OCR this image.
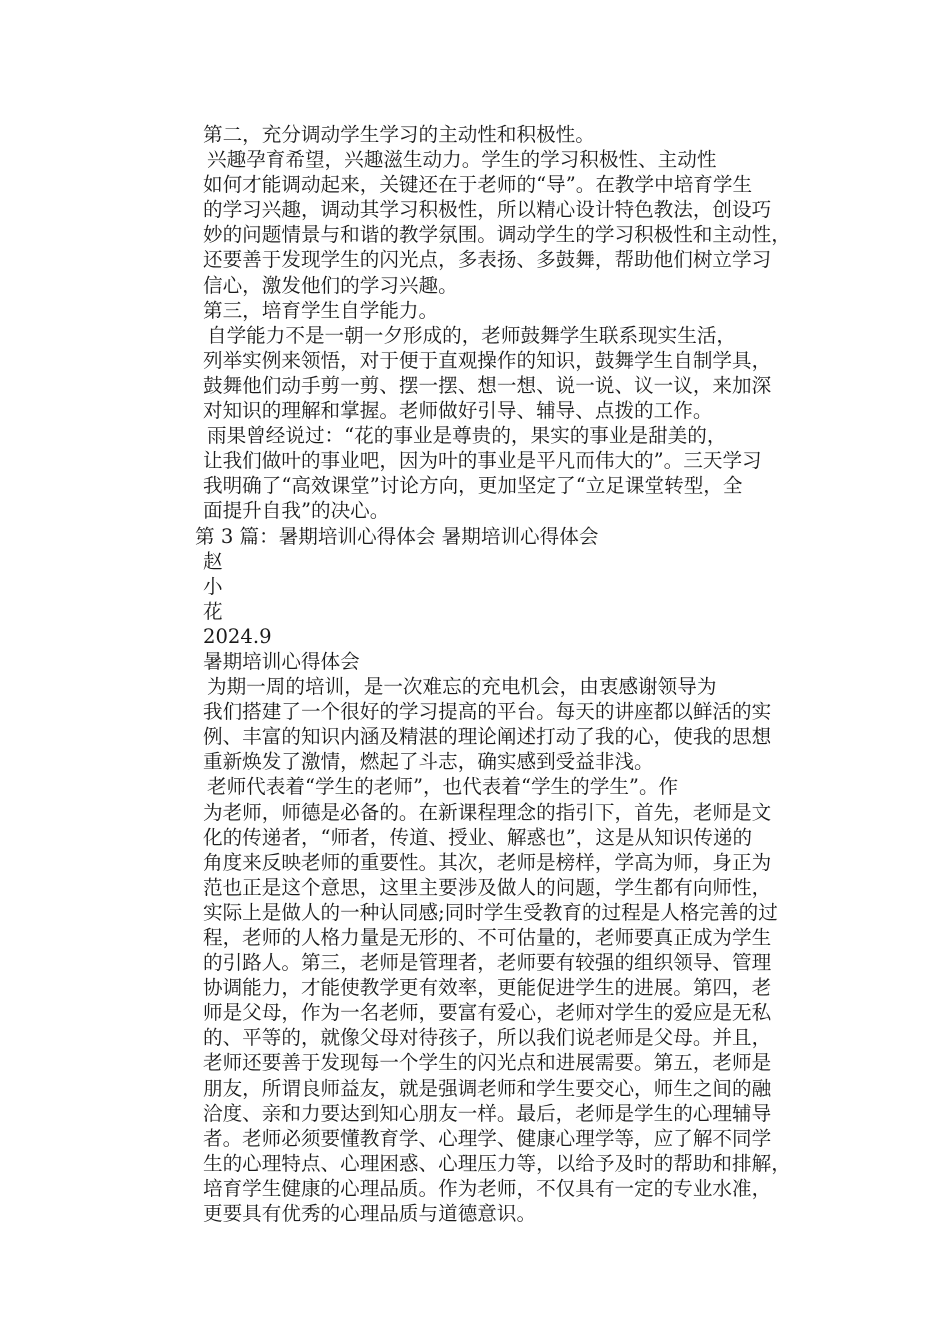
第二，充分调动学生学习的主动性和积极性。
兴趣孕育希望，兴趣滋生动力。学生的学习积极性、主动性
如何才能调动起来，关键还在于老师的“导”。在教学中培育学生
的学习兴趣，调动其学习积极性，所以精心设计特色教法，创设巧
妙的问题情景与和谐的教学氛围。调动学生的学习积极性和主动性，
还要善于发现学生的闪光点，多表扬、多鼓舞，帮助他们树立学习
信心，激发他们的学习兴趣。
第三，培育学生自学能力。
自学能力不是一朝一夕形成的，老师鼓舞学生联系现实生活，
列举实例来领悟，对于便于直观操作的知识，鼓舞学生自制学具，
鼓舞他们动手剪一剪、摆一摆、想一想、说一说、议一议，来加深
对知识的理解和掌握。老师做好引导、辅导、点拨的工作。
雨果曾经说过：“花的事业是尊贵的，果实的事业是甜美的，
让我们做叶的事业吧，因为叶的事业是平凡而伟大的”。三天学习
我明确了“高效课堂”讨论方向，更加坚定了“立足课堂转型，全
面提升自我”的决心。
第 3 篇：暑期培训心得体会 暑期培训心得体会
赵
小
花
2024.9
暑期培训心得体会
为期一周的培训，是一次难忘的充电机会，由衷感谢领导为
我们搭建了一个很好的学习提高的平台。每天的讲座都以鲜活的实
例、丰富的知识内涵及精湛的理论阐述打动了我的心，使我的思想
重新焕发了激情，燃起了斗志，确实感到受益非浅。
老师代表着“学生的老师”，也代表着“学生的学生”。作
为老师，师德是必备的。在新课程理念的指引下，首先，老师是文
化的传递者，“师者，传道、授业、解惑也”，这是从知识传递的
角度来反映老师的重要性。其次，老师是榜样，学高为师，身正为
范也正是这个意思，这里主要涉及做人的问题，学生都有向师性，
实际上是做人的一种认同感;同时学生受教育的过程是人格完善的过
程，老师的人格力量是无形的、不可估量的，老师要真正成为学生
的引路人。第三，老师是管理者，老师要有较强的组织领导、管理
协调能力，才能使教学更有效率，更能促进学生的进展。第四，老
师是父母，作为一名老师，要富有爱心，老师对学生的爱应是无私
的、平等的，就像父母对待孩子，所以我们说老师是父母。并且，
老师还要善于发现每一个学生的闪光点和进展需要。第五，老师是
朋友，所谓良师益友，就是强调老师和学生要交心，师生之间的融
洽度、亲和力要达到知心朋友一样。最后，老师是学生的心理辅导
者。老师必须要懂教育学、心理学、健康心理学等，应了解不同学
生的心理特点、心理困惑、心理压力等，以给予及时的帮助和排解，
培育学生健康的心理品质。作为老师，不仅具有一定的专业水准，
更要具有优秀的心理品质与道德意识。
